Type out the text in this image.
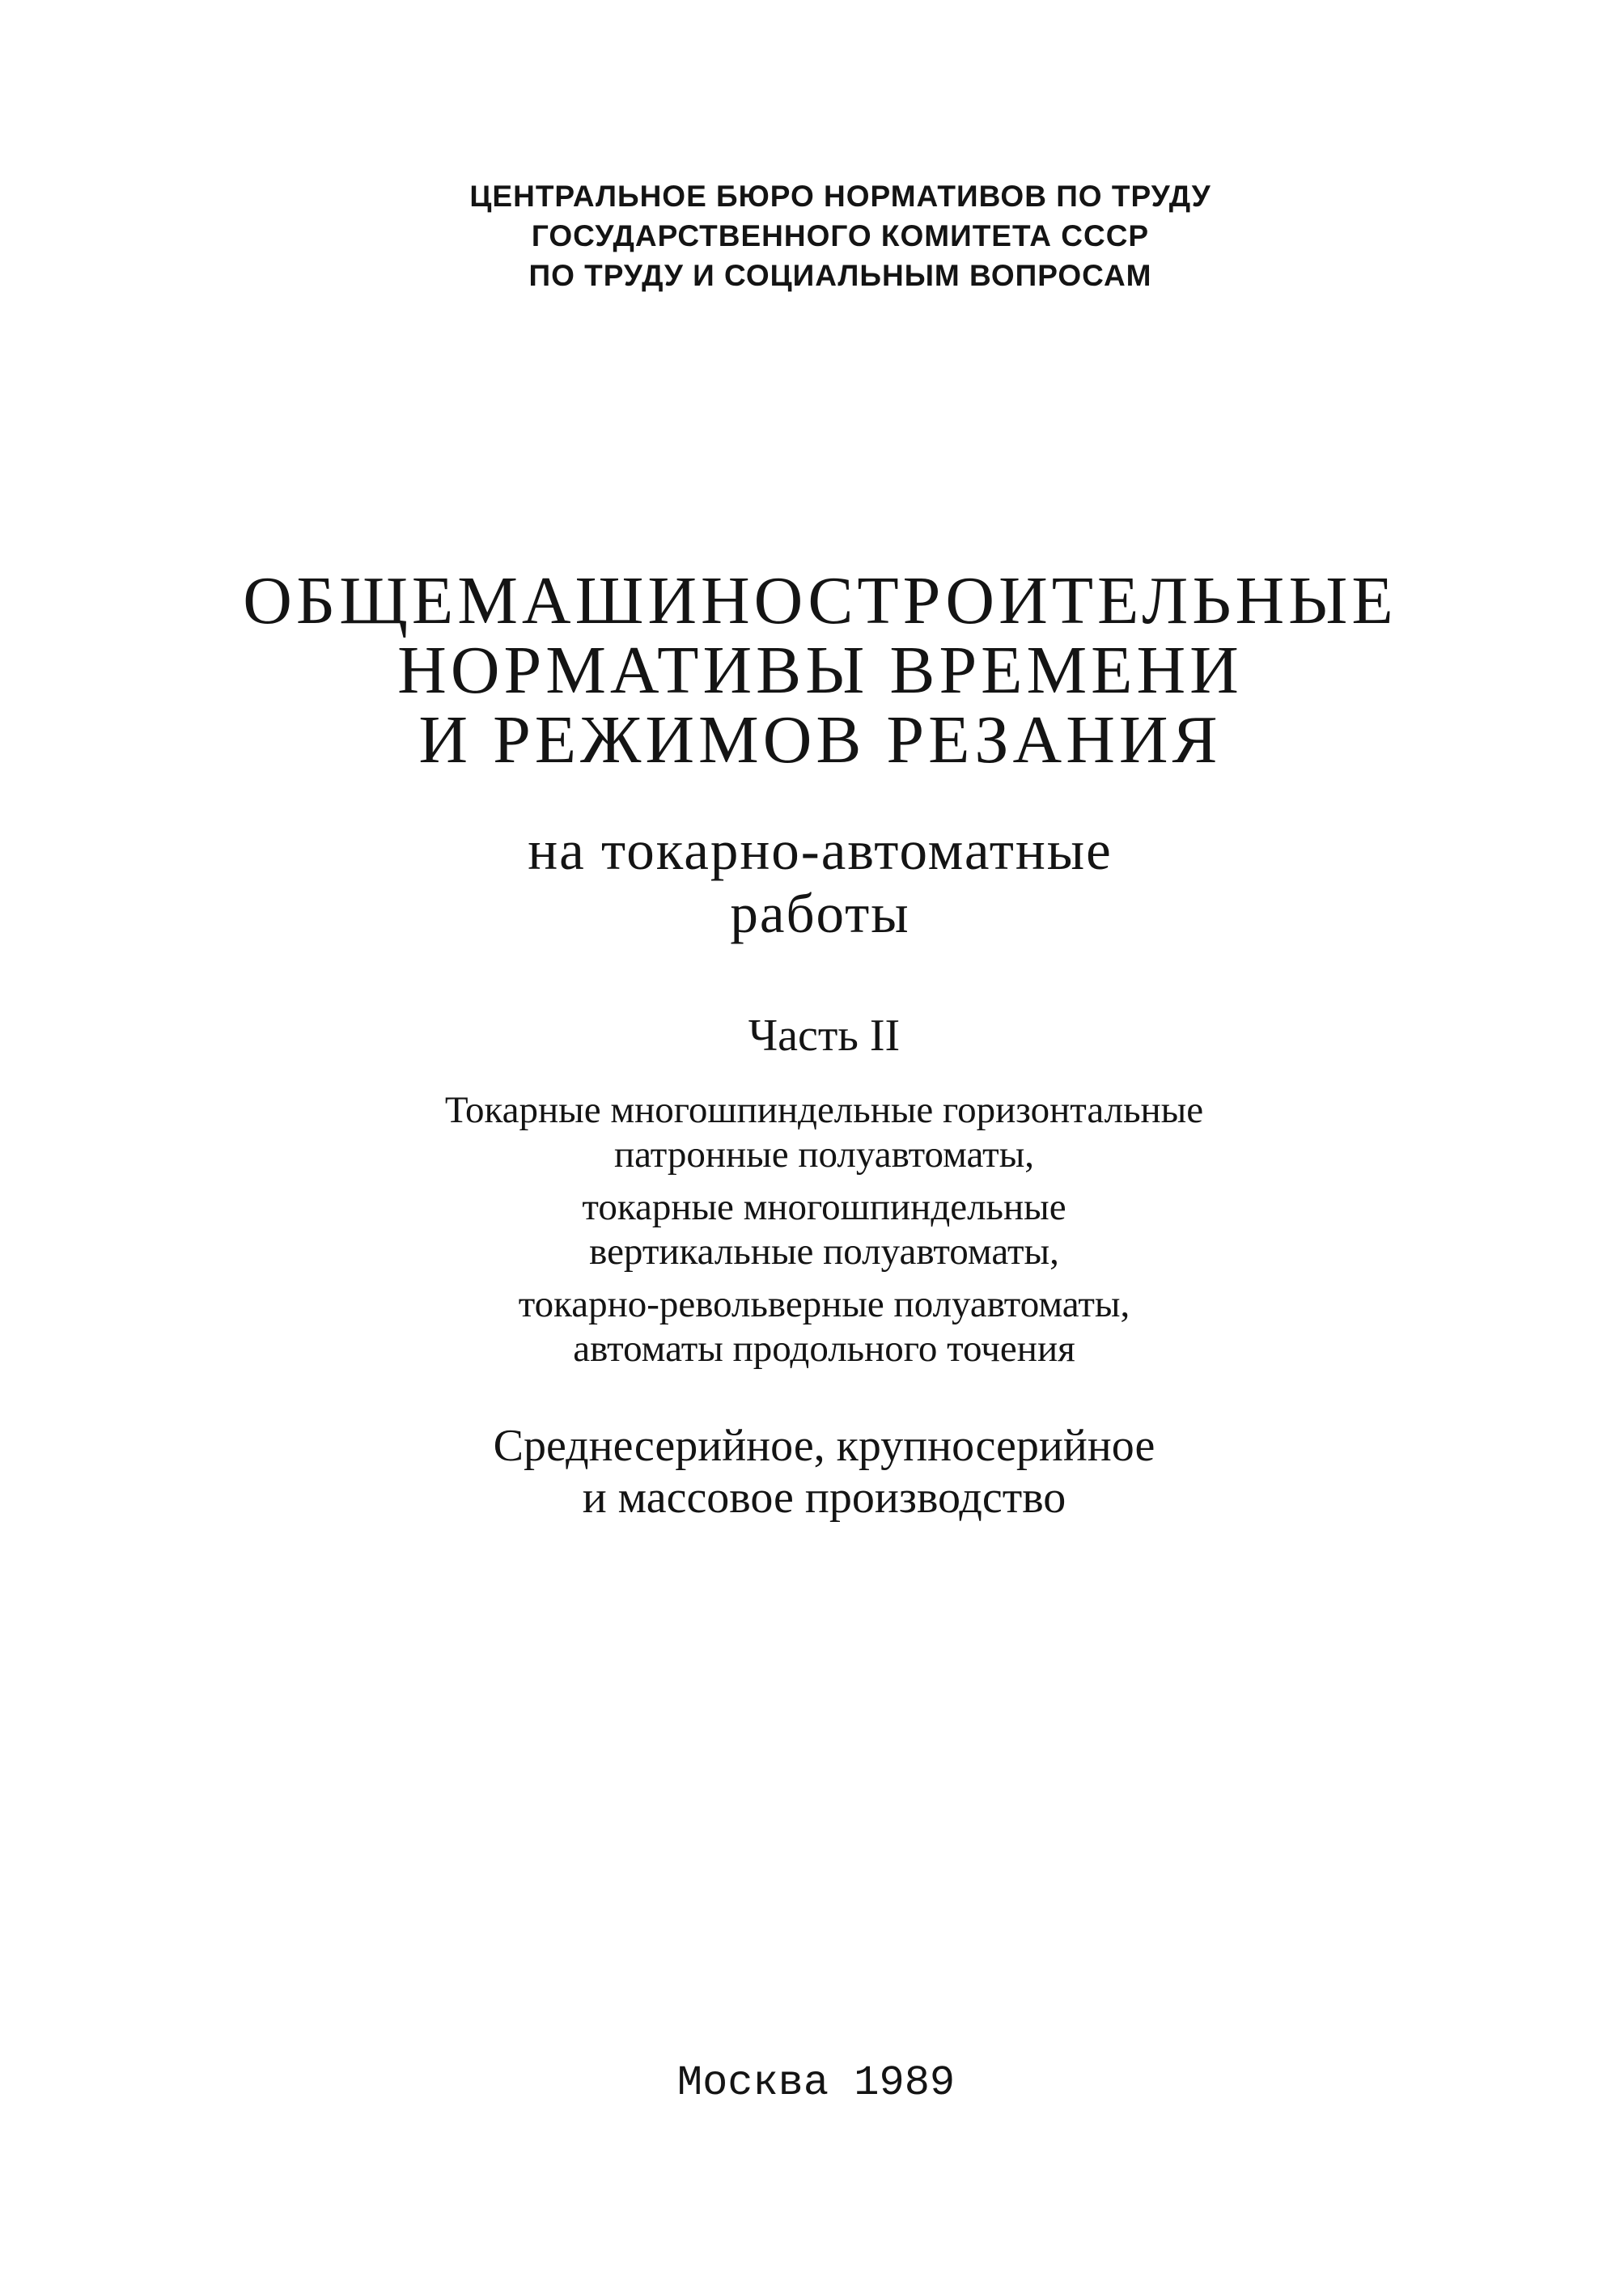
ЦЕНТРАЛЬНОЕ БЮРО НОРМАТИВОВ ПО ТРУДУ
ГОСУДАРСТВЕННОГО КОМИТЕТА СССР
ПО ТРУДУ И СОЦИАЛЬНЫМ ВОПРОСАМ
ОБЩЕМАШИНОСТРОИТЕЛЬНЫЕ
НОРМАТИВЫ ВРЕМЕНИ
И РЕЖИМОВ РЕЗАНИЯ
на токарно-автоматные
работы
Часть II
Токарные многошпиндельные горизонтальные
патронные полуавтоматы,
токарные многошпиндельные
вертикальные полуавтоматы,
токарно-револьверные полуавтоматы,
автоматы продольного точения
Среднесерийное, крупносерийное
и массовое производство
Москва 1989
